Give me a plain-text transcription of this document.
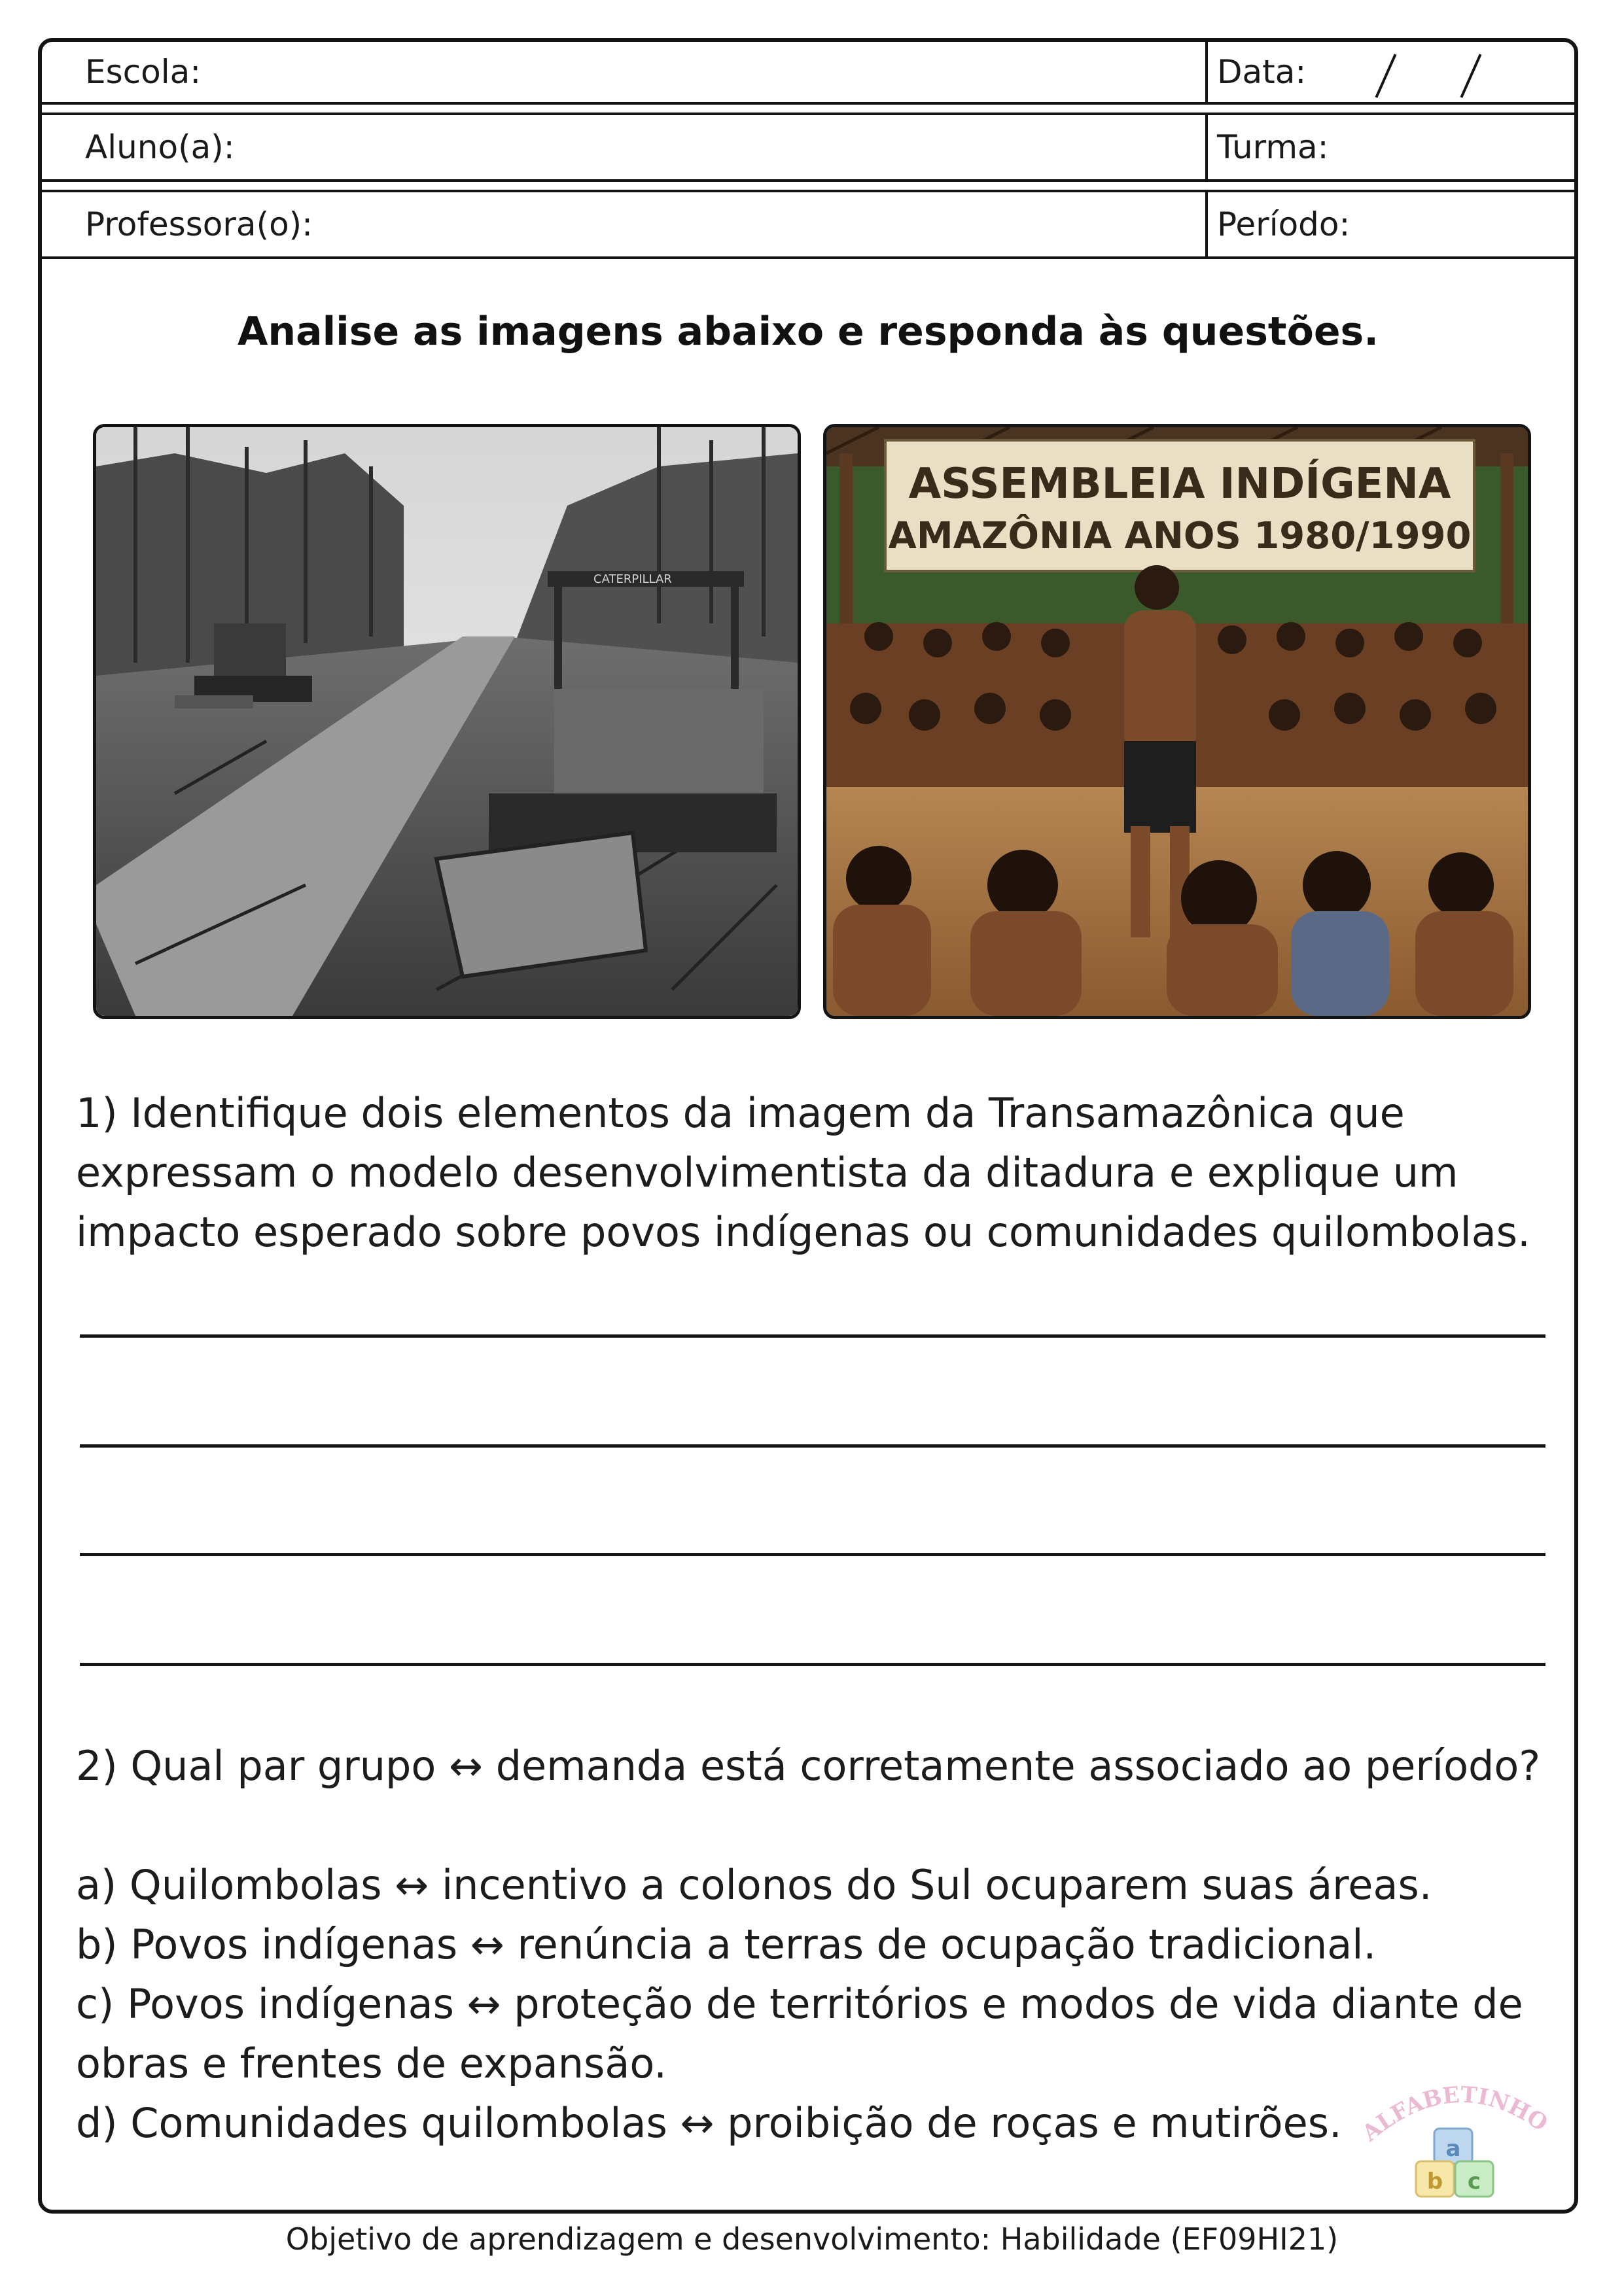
Escola:	Data:
Aluno(a):	Turma:
Professora(o):	Período:
Analise as imagens abaixo e responda às questões.
CATERPILLAR
ASSEMBLEIA INDÍGENA
AMAZÔNIA ANOS 1980/1990
1) Identifique dois elementos da imagem da Transamazônica que
expressam o modelo desenvolvimentista da ditadura e explique um
impacto esperado sobre povos indígenas ou comunidades quilombolas.
2) Qual par grupo ↔ demanda está corretamente associado ao período?
a) Quilombolas ↔ incentivo a colonos do Sul ocuparem suas áreas.
b) Povos indígenas ↔ renúncia a terras de ocupação tradicional.
c) Povos indígenas ↔ proteção de territórios e modos de vida diante de
obras e frentes de expansão.
d) Comunidades quilombolas ↔ proibição de roças e mutirões. ALFABETINHO
a
b c
Objetivo de aprendizagem e desenvolvimento: Habilidade (EF09HI21)
